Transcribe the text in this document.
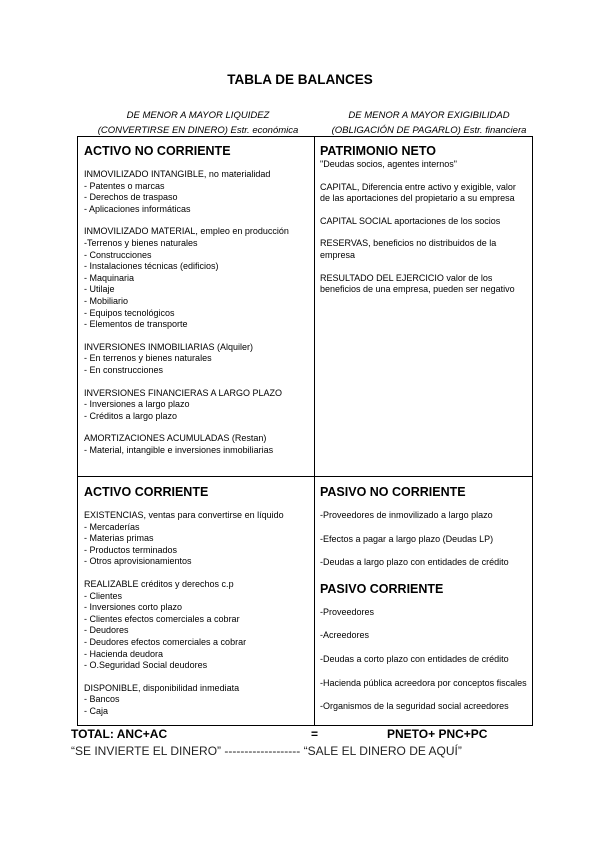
TABLA DE BALANCES
DE MENOR A MAYOR LIQUIDEZ
(CONVERTIRSE EN DINERO) Estr. económica
DE MENOR A MAYOR EXIGIBILIDAD
(OBLIGACIÓN DE PAGARLO) Estr. financiera
ACTIVO NO CORRIENTE
INMOVILIZADO INTANGIBLE, no materialidad
- Patentes o marcas
- Derechos de traspaso
- Aplicaciones informáticas
INMOVILIZADO MATERIAL, empleo en producción
-Terrenos y bienes naturales
- Construcciones
- Instalaciones técnicas (edificios)
- Maquinaria
- Utilaje
- Mobiliario
- Equipos tecnológicos
- Elementos de transporte
INVERSIONES INMOBILIARIAS (Alquiler)
- En terrenos y bienes naturales
- En construcciones
INVERSIONES FINANCIERAS A LARGO PLAZO
- Inversiones a largo plazo
- Créditos a largo plazo
AMORTIZACIONES ACUMULADAS (Restan)
- Material, intangible e inversiones inmobiliarias
PATRIMONIO NETO
"Deudas socios, agentes internos"
CAPITAL, Diferencia entre activo y exigible, valor de las aportaciones del propietario a su empresa
CAPITAL SOCIAL aportaciones de los socios
RESERVAS, beneficios no distribuidos de la empresa
RESULTADO DEL EJERCICIO valor de los beneficios de una empresa, pueden ser negativo
ACTIVO CORRIENTE
EXISTENCIAS, ventas para convertirse en líquido
- Mercaderías
- Materias primas
- Productos terminados
- Otros aprovisionamientos
REALIZABLE créditos y derechos c.p
- Clientes
- Inversiones corto plazo
- Clientes efectos comerciales a cobrar
- Deudores
- Deudores efectos comerciales a cobrar
- Hacienda deudora
- O.Seguridad Social deudores
DISPONIBLE, disponibilidad inmediata
- Bancos
- Caja
PASIVO NO CORRIENTE
-Proveedores de inmovilizado a largo plazo
-Efectos a pagar a largo plazo (Deudas LP)
-Deudas a largo plazo con entidades de crédito
PASIVO CORRIENTE
-Proveedores
-Acreedores
-Deudas a corto plazo con entidades de crédito
-Hacienda pública acreedora por conceptos fiscales
-Organismos de la seguridad social acreedores
TOTAL: ANC+AC	=	PNETO+ PNC+PC
“SE INVIERTE EL DINERO” ------------------- “SALE EL DINERO DE AQUÍ”
